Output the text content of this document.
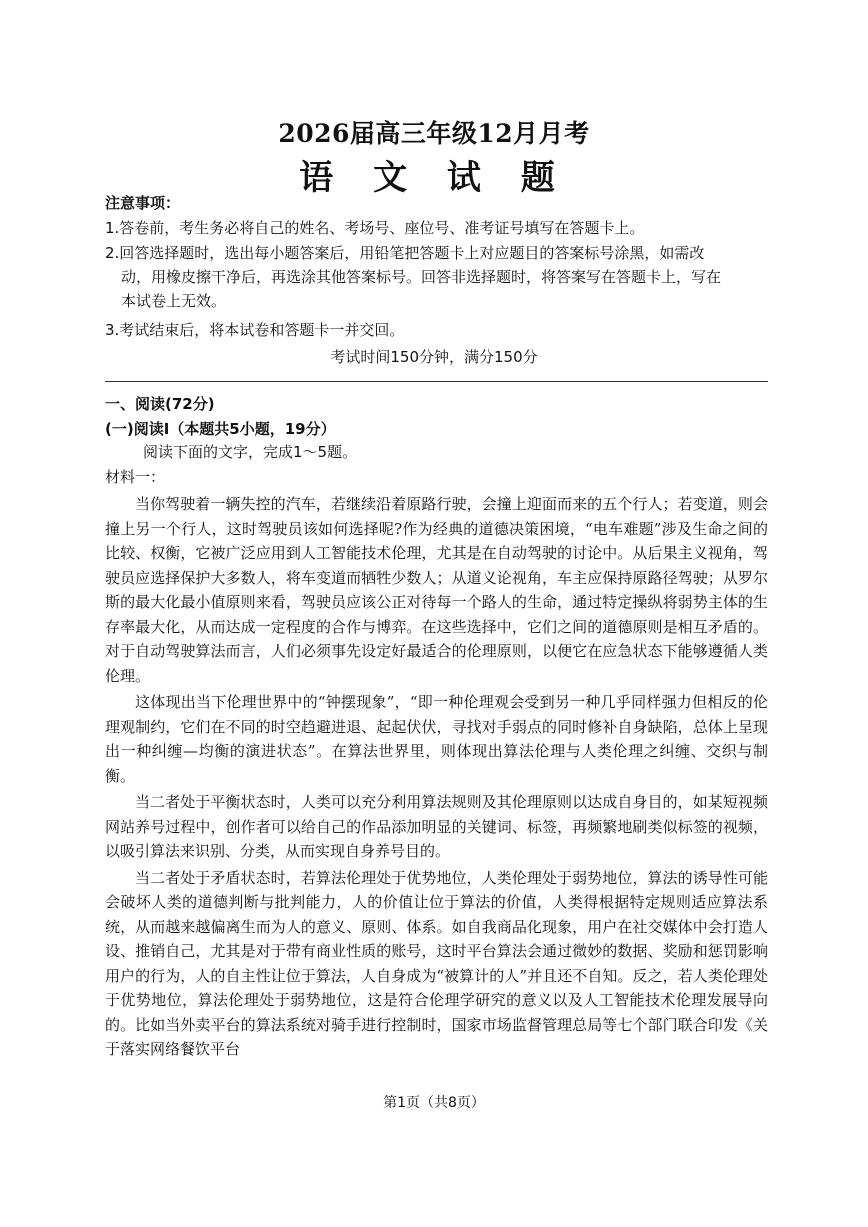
2026届高三年级12月月考
语 文 试 题
注意事项：
1.答卷前，考生务必将自己的姓名、考场号、座位号、准考证号填写在答题卡上。
2.回答选择题时，选出每小题答案后，用铅笔把答题卡上对应题目的答案标号涂黑，如需改
动，用橡皮擦干净后，再选涂其他答案标号。回答非选择题时，将答案写在答题卡上，写在
本试卷上无效。
3.考试结束后，将本试卷和答题卡一并交回。
考试时间150分钟，满分150分
一、阅读(72分)
(一)阅读Ⅰ（本题共5小题，19分）
阅读下面的文字，完成1～5题。
材料一：

当你驾驶着一辆失控的汽车，若继续沿着原路行驶，会撞上迎面而来的五个行人；若变道，则会撞上另一个行人，这时驾驶员该如何选择呢?作为经典的道德决策困境，“电车难题”涉及生命之间的比较、权衡，它被广泛应用到人工智能技术伦理，尤其是在自动驾驶的讨论中。从后果主义视角，驾驶员应选择保护大多数人，将车变道而牺牲少数人；从道义论视角，车主应保持原路径驾驶；从罗尔斯的最大化最小值原则来看，驾驶员应该公正对待每一个路人的生命，通过特定操纵将弱势主体的生存率最大化，从而达成一定程度的合作与博弈。在这些选择中，它们之间的道德原则是相互矛盾的。对于自动驾驶算法而言，人们必须事先设定好最适合的伦理原则，以便它在应急状态下能够遵循人类伦理。

这体现出当下伦理世界中的“钟摆现象”，“即一种伦理观会受到另一种几乎同样强力但相反的伦理观制约，它们在不同的时空趋避进退、起起伏伏，寻找对手弱点的同时修补自身缺陷，总体上呈现出一种纠缠—均衡的演进状态”。在算法世界里，则体现出算法伦理与人类伦理之纠缠、交织与制衡。

当二者处于平衡状态时，人类可以充分利用算法规则及其伦理原则以达成自身目的，如某短视频网站养号过程中，创作者可以给自己的作品添加明显的关键词、标签，再频繁地刷类似标签的视频，以吸引算法来识别、分类，从而实现自身养号目的。

当二者处于矛盾状态时，若算法伦理处于优势地位，人类伦理处于弱势地位，算法的诱导性可能会破坏人类的道德判断与批判能力，人的价值让位于算法的价值，人类得根据特定规则适应算法系统，从而越来越偏离生而为人的意义、原则、体系。如自我商品化现象，用户在社交媒体中会打造人设、推销自己，尤其是对于带有商业性质的账号，这时平台算法会通过微妙的数据、奖励和惩罚影响用户的行为，人的自主性让位于算法，人自身成为“被算计的人”并且还不自知。反之，若人类伦理处于优势地位，算法伦理处于弱势地位，这是符合伦理学研究的意义以及人工智能技术伦理发展导向的。比如当外卖平台的算法系统对骑手进行控制时，国家市场监督管理总局等七个部门联合印发《关于落实网络餐饮平台

第1页（共8页）
